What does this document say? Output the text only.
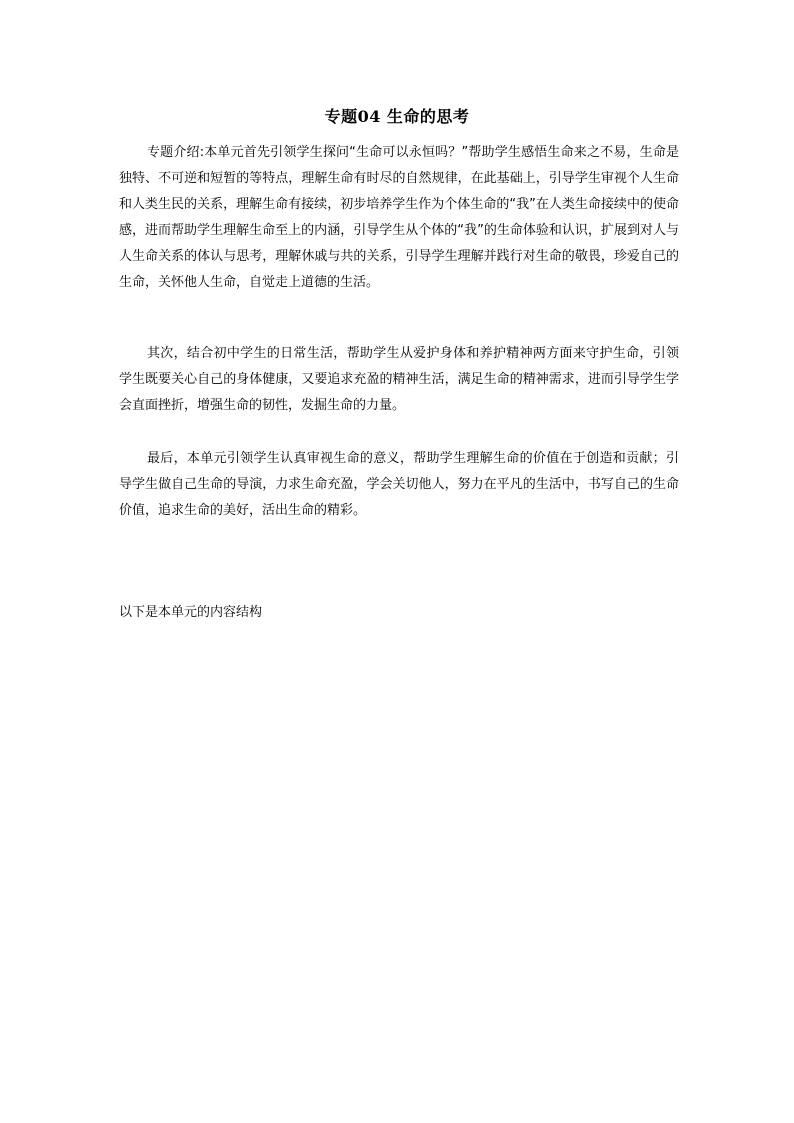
专题04 生命的思考

专题介绍:本单元首先引领学生探问“生命可以永恒吗？”帮助学生感悟生命来之不易，生命是独特、不可逆和短暂的等特点，理解生命有时尽的自然规律，在此基础上，引导学生审视个人生命和人类生民的关系，理解生命有接续，初步培养学生作为个体生命的“我”在人类生命接续中的使命感，进而帮助学生理解生命至上的内涵，引导学生从个体的“我”的生命体验和认识，扩展到对人与人生命关系的体认与思考，理解休戚与共的关系，引导学生理解并践行对生命的敬畏，珍爱自己的生命，关怀他人生命，自觉走上道德的生活。

其次，结合初中学生的日常生活，帮助学生从爱护身体和养护精神两方面来守护生命，引领学生既要关心自己的身体健康，又要追求充盈的精神生活，满足生命的精神需求，进而引导学生学会直面挫折，增强生命的韧性，发掘生命的力量。

最后，本单元引领学生认真审视生命的意义，帮助学生理解生命的价值在于创造和贡献；引导学生做自己生命的导演，力求生命充盈，学会关切他人，努力在平凡的生活中，书写自己的生命价值，追求生命的美好，活出生命的精彩。

以下是本单元的内容结构
